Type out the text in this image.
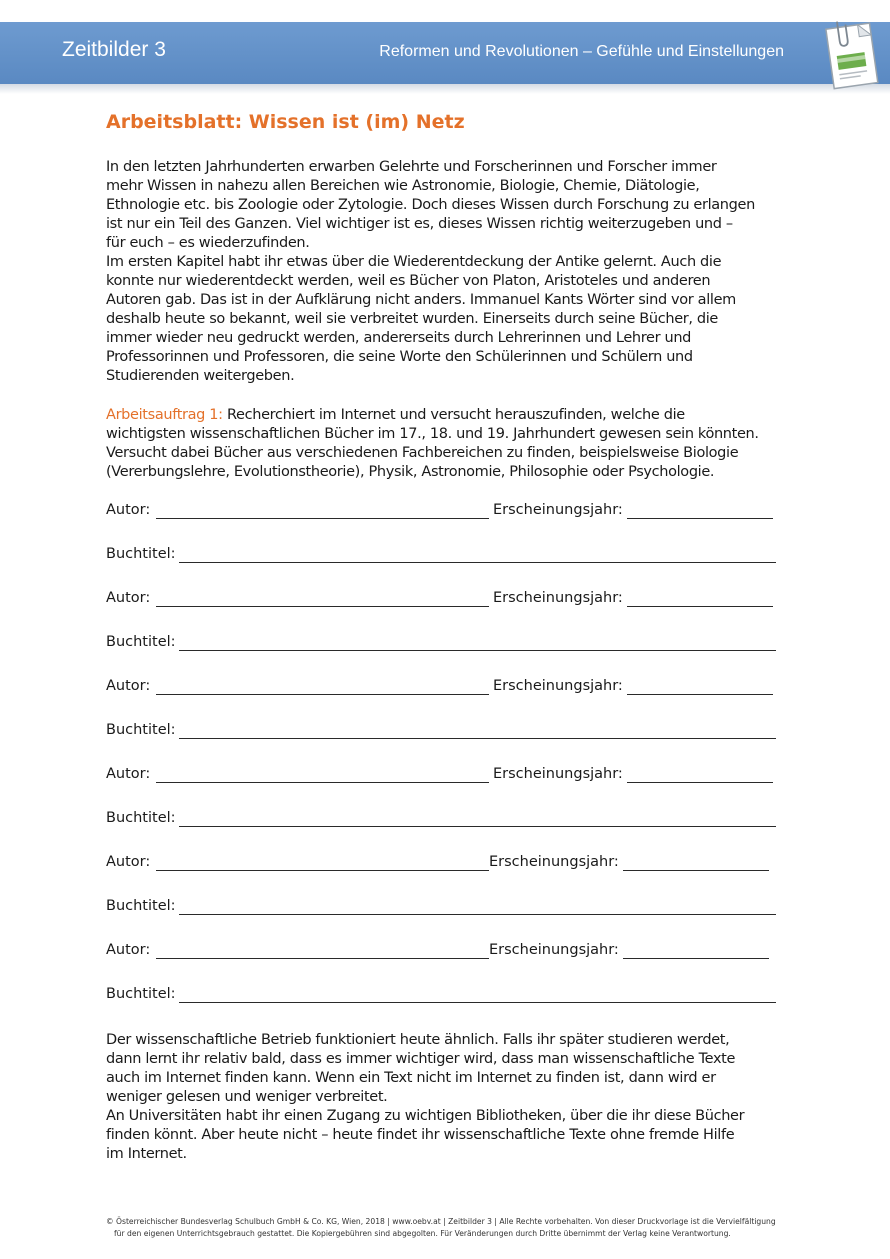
Zeitbilder 3	Reformen und Revolutionen – Gefühle und Einstellungen
Arbeitsblatt: Wissen ist (im) Netz
In den letzten Jahrhunderten erwarben Gelehrte und Forscherinnen und Forscher immer
mehr Wissen in nahezu allen Bereichen wie Astronomie, Biologie, Chemie, Diätologie,
Ethnologie etc. bis Zoologie oder Zytologie. Doch dieses Wissen durch Forschung zu erlangen
ist nur ein Teil des Ganzen. Viel wichtiger ist es, dieses Wissen richtig weiterzugeben und –
für euch – es wiederzufinden.
Im ersten Kapitel habt ihr etwas über die Wiederentdeckung der Antike gelernt. Auch die
konnte nur wiederentdeckt werden, weil es Bücher von Platon, Aristoteles und anderen
Autoren gab. Das ist in der Aufklärung nicht anders. Immanuel Kants Wörter sind vor allem
deshalb heute so bekannt, weil sie verbreitet wurden. Einerseits durch seine Bücher, die
immer wieder neu gedruckt werden, andererseits durch Lehrerinnen und Lehrer und
Professorinnen und Professoren, die seine Worte den Schülerinnen und Schülern und
Studierenden weitergeben.
Arbeitsauftrag 1: Recherchiert im Internet und versucht herauszufinden, welche die
wichtigsten wissenschaftlichen Bücher im 17., 18. und 19. Jahrhundert gewesen sein könnten.
Versucht dabei Bücher aus verschiedenen Fachbereichen zu finden, beispielsweise Biologie
(Vererbungslehre, Evolutionstheorie), Physik, Astronomie, Philosophie oder Psychologie.
Autor:	Erscheinungsjahr:
Buchtitel:
Autor:	Erscheinungsjahr:
Buchtitel:
Autor:	Erscheinungsjahr:
Buchtitel:
Autor:	Erscheinungsjahr:
Buchtitel:
Autor:	Erscheinungsjahr:
Buchtitel:
Autor:	Erscheinungsjahr:
Buchtitel:
Der wissenschaftliche Betrieb funktioniert heute ähnlich. Falls ihr später studieren werdet,
dann lernt ihr relativ bald, dass es immer wichtiger wird, dass man wissenschaftliche Texte
auch im Internet finden kann. Wenn ein Text nicht im Internet zu finden ist, dann wird er
weniger gelesen und weniger verbreitet.
An Universitäten habt ihr einen Zugang zu wichtigen Bibliotheken, über die ihr diese Bücher
finden könnt. Aber heute nicht – heute findet ihr wissenschaftliche Texte ohne fremde Hilfe
im Internet.
© Österreichischer Bundesverlag Schulbuch GmbH & Co. KG, Wien, 2018 | www.oebv.at | Zeitbilder 3 | Alle Rechte vorbehalten. Von dieser Druckvorlage ist die Vervielfältigung
für den eigenen Unterrichtsgebrauch gestattet. Die Kopiergebühren sind abgegolten. Für Veränderungen durch Dritte übernimmt der Verlag keine Verantwortung.
